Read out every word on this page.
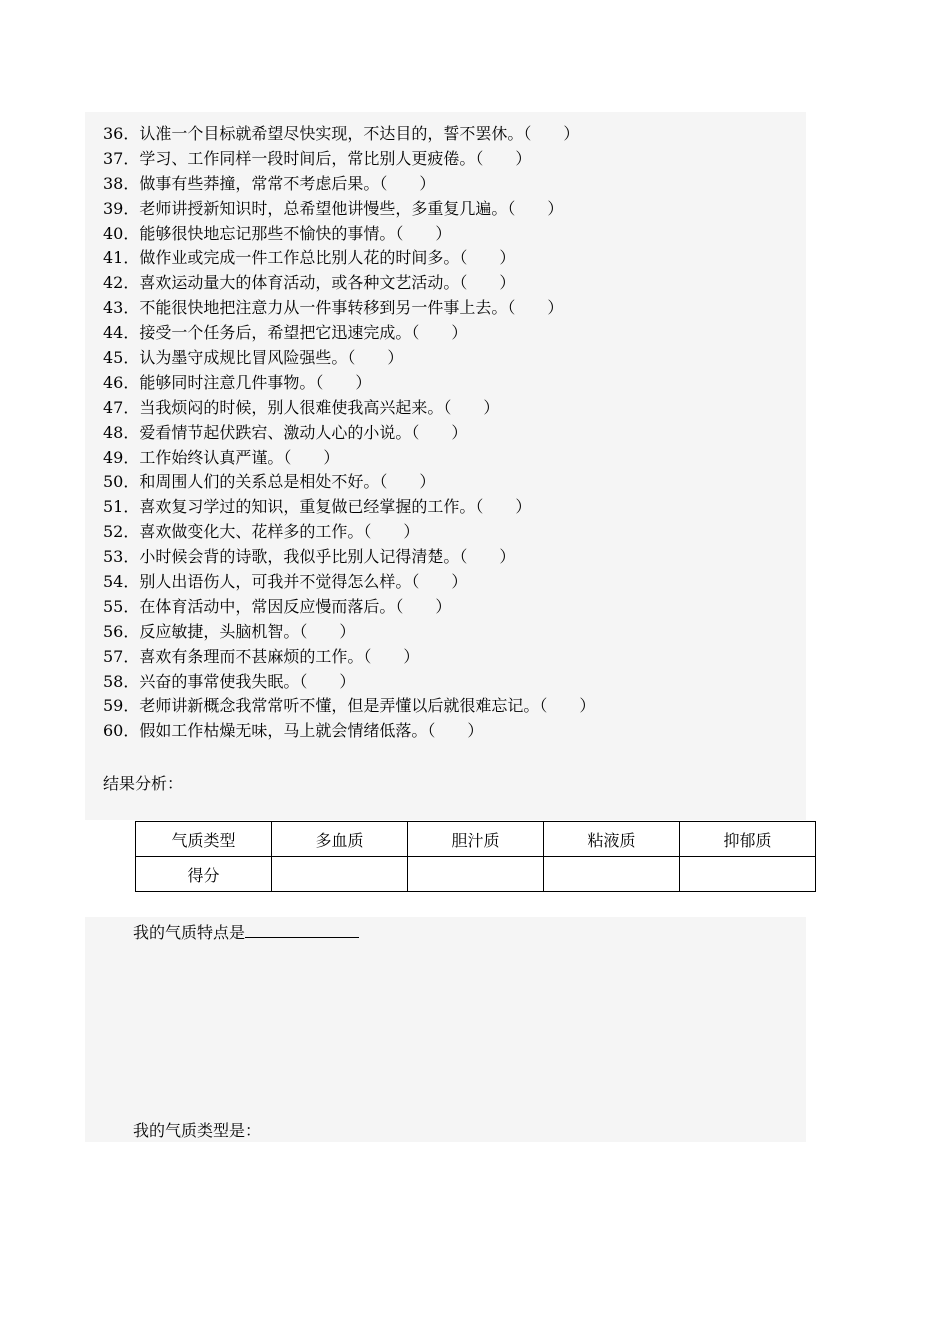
36．认准一个目标就希望尽快实现，不达目的，誓不罢休。（　　）
37．学习、工作同样一段时间后，常比别人更疲倦。（　　）
38．做事有些莽撞，常常不考虑后果。（　　）
39．老师讲授新知识时，总希望他讲慢些，多重复几遍。（　　）
40．能够很快地忘记那些不愉快的事情。（　　）
41．做作业或完成一件工作总比别人花的时间多。（　　）
42．喜欢运动量大的体育活动，或各种文艺活动。（　　）
43．不能很快地把注意力从一件事转移到另一件事上去。（　　）
44．接受一个任务后，希望把它迅速完成。（　　）
45．认为墨守成规比冒风险强些。（　　）
46．能够同时注意几件事物。（　　）
47．当我烦闷的时候，别人很难使我高兴起来。（　　）
48．爱看情节起伏跌宕、激动人心的小说。（　　）
49．工作始终认真严谨。（　　）
50．和周围人们的关系总是相处不好。（　　）
51．喜欢复习学过的知识，重复做已经掌握的工作。（　　）
52．喜欢做变化大、花样多的工作。（　　）
53．小时候会背的诗歌，我似乎比别人记得清楚。（　　）
54．别人出语伤人，可我并不觉得怎么样。（　　）
55．在体育活动中，常因反应慢而落后。（　　）
56．反应敏捷，头脑机智。（　　）
57．喜欢有条理而不甚麻烦的工作。（　　）
58．兴奋的事常使我失眠。（　　）
59．老师讲新概念我常常听不懂，但是弄懂以后就很难忘记。（　　）
60．假如工作枯燥无味，马上就会情绪低落。（　　）
结果分析：
气质类型	多血质	胆汁质	粘液质	抑郁质
得分				
我的气质特点是
我的气质类型是：
